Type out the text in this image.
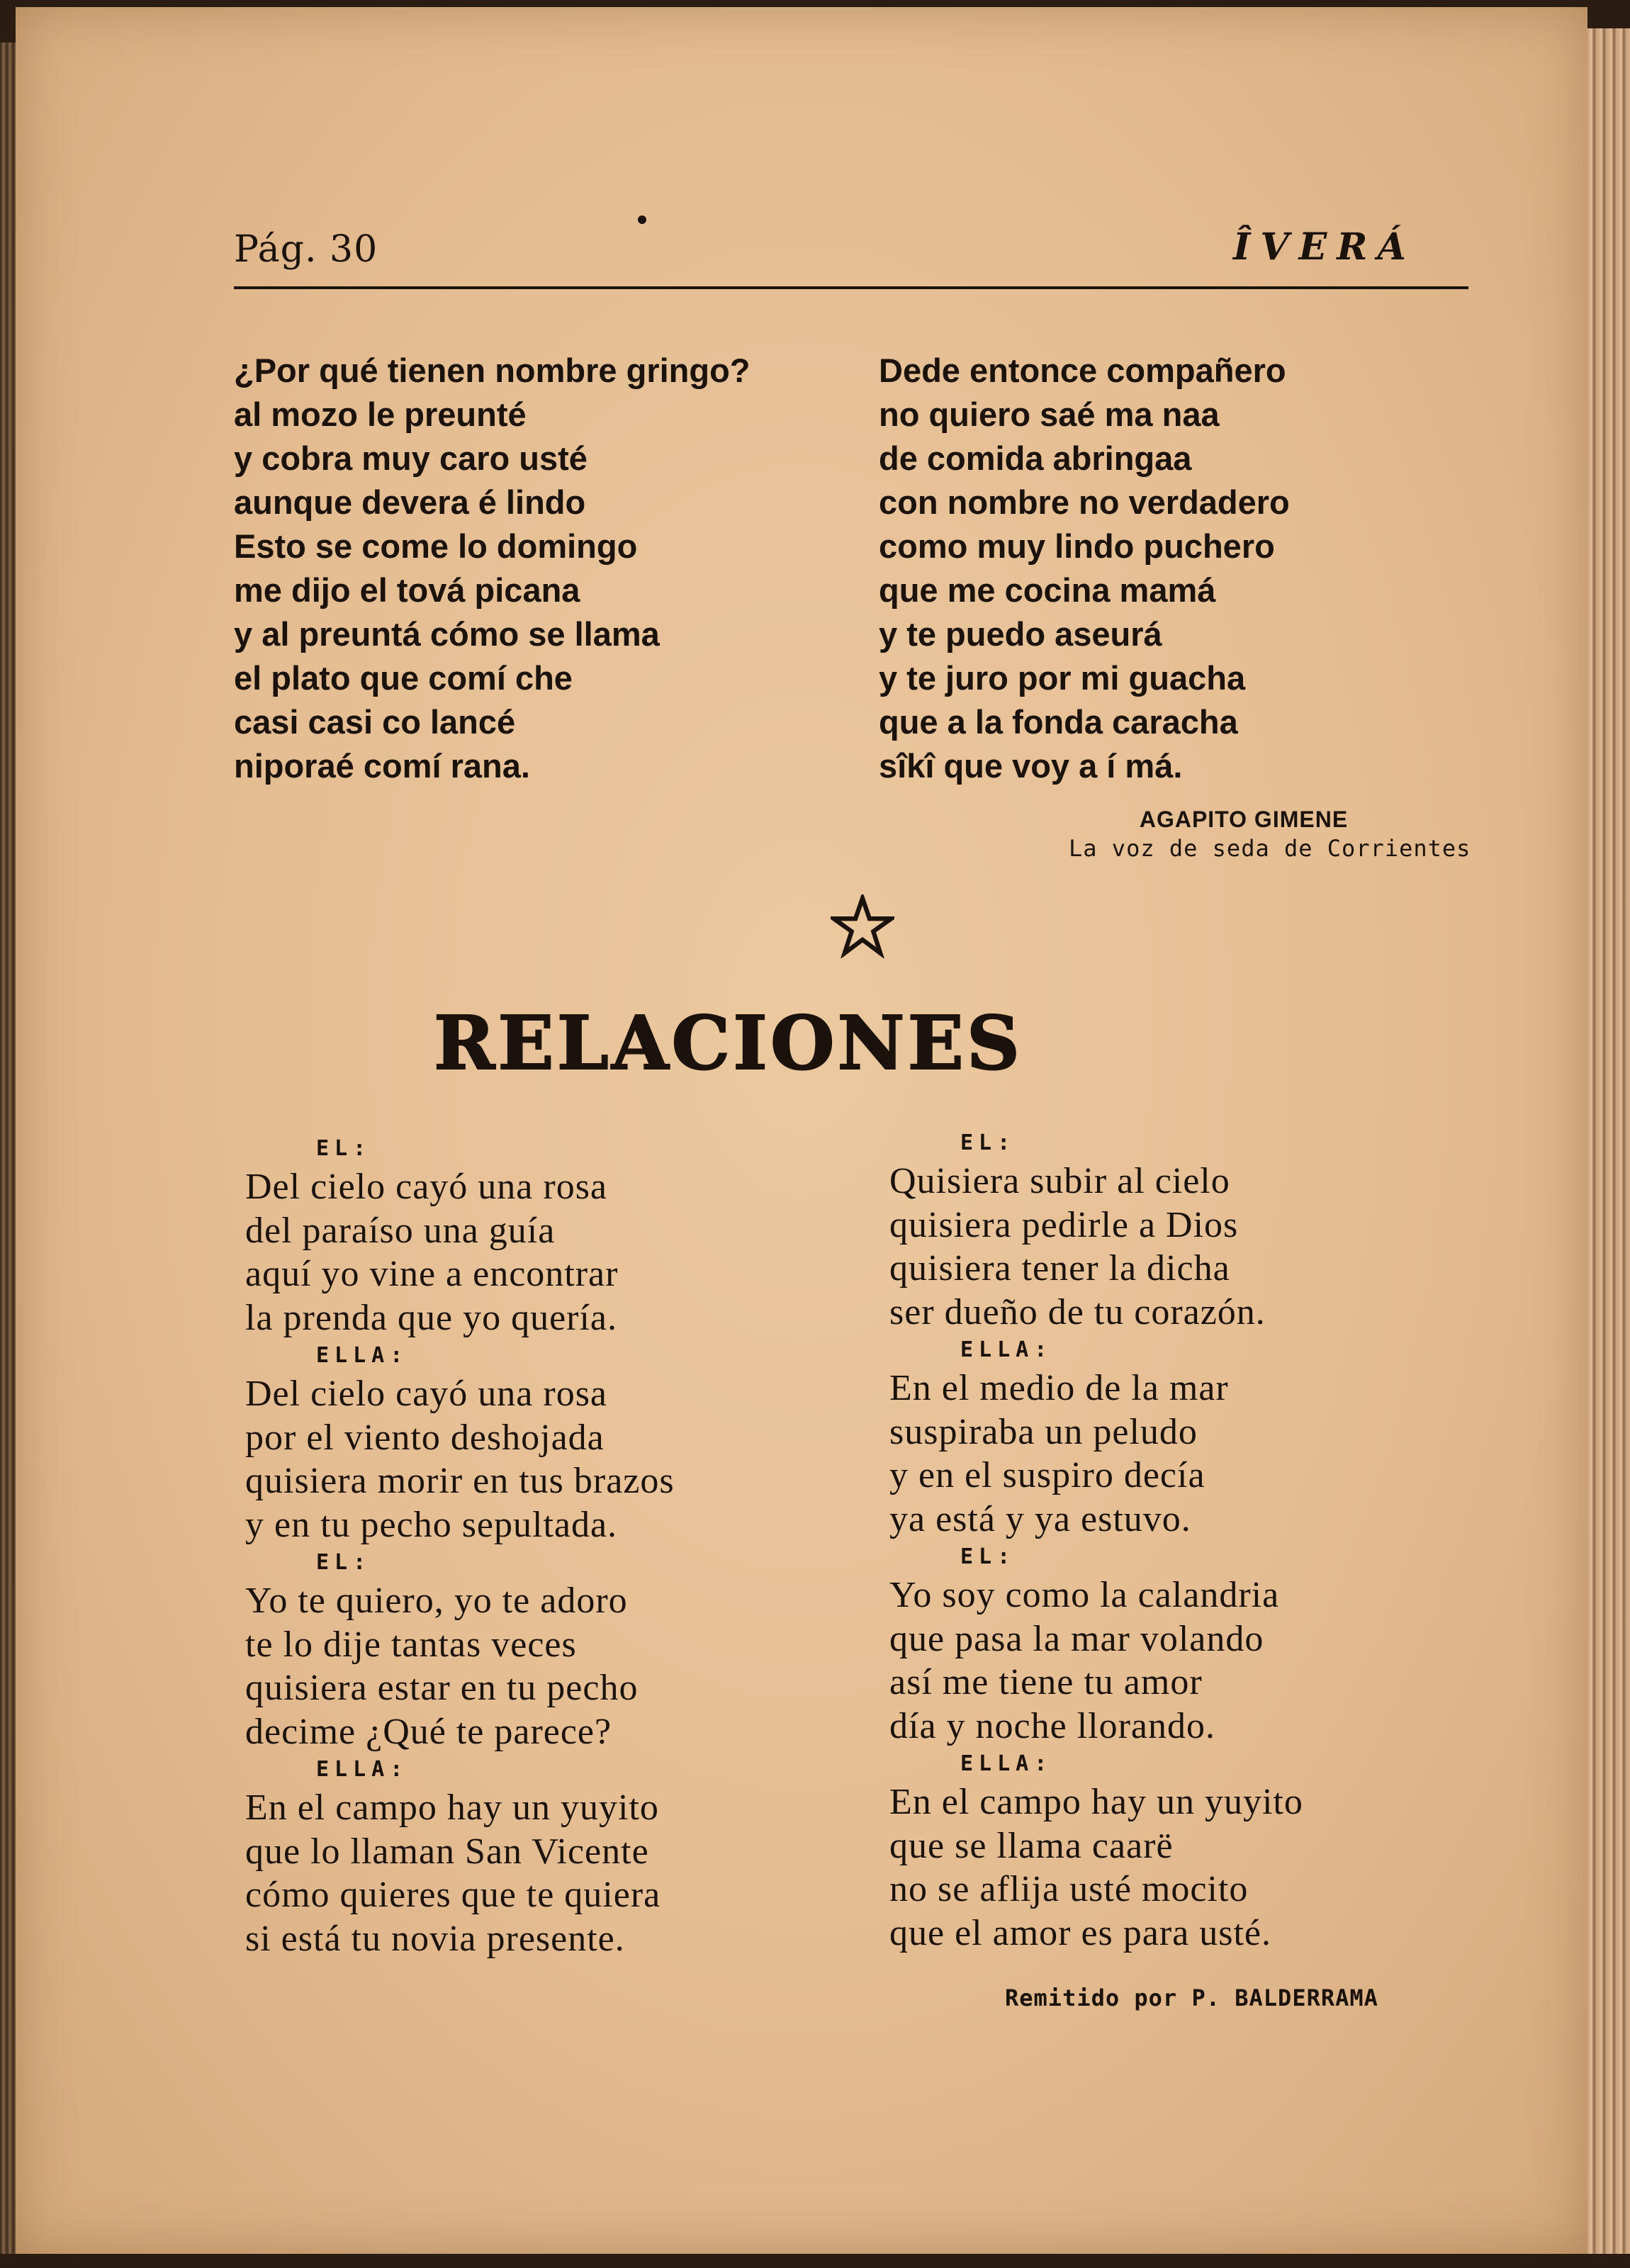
Pág. 30	ÎVERÁ
¿Por qué tienen nombre gringo?
al mozo le preunté
y cobra muy caro usté
aunque devera é lindo
Esto se come lo domingo
me dijo el tová picana
y al preuntá cómo se llama
el plato que comí che
casi casi co lancé
niporaé comí rana.
Dede entonce compañero
no quiero saé ma naa
de comida abringaa
con nombre no verdadero
como muy lindo puchero
que me cocina mamá
y te puedo aseurá
y te juro por mi guacha
que a la fonda caracha
sîkî que voy a í má.
AGAPITO GIMENE
La voz de seda de Corrientes
RELACIONES
EL:
Del cielo cayó una rosa
del paraíso una guía
aquí yo vine a encontrar
la prenda que yo quería.
ELLA:
Del cielo cayó una rosa
por el viento deshojada
quisiera morir en tus brazos
y en tu pecho sepultada.
EL:
Yo te quiero, yo te adoro
te lo dije tantas veces
quisiera estar en tu pecho
decime ¿Qué te parece?
ELLA:
En el campo hay un yuyito
que lo llaman San Vicente
cómo quieres que te quiera
si está tu novia presente.
EL:
Quisiera subir al cielo
quisiera pedirle a Dios
quisiera tener la dicha
ser dueño de tu corazón.
ELLA:
En el medio de la mar
suspiraba un peludo
y en el suspiro decía
ya está y ya estuvo.
EL:
Yo soy como la calandria
que pasa la mar volando
así me tiene tu amor
día y noche llorando.
ELLA:
En el campo hay un yuyito
que se llama caarë
no se aflija usté mocito
que el amor es para usté.
Remitido por P. BALDERRAMA
